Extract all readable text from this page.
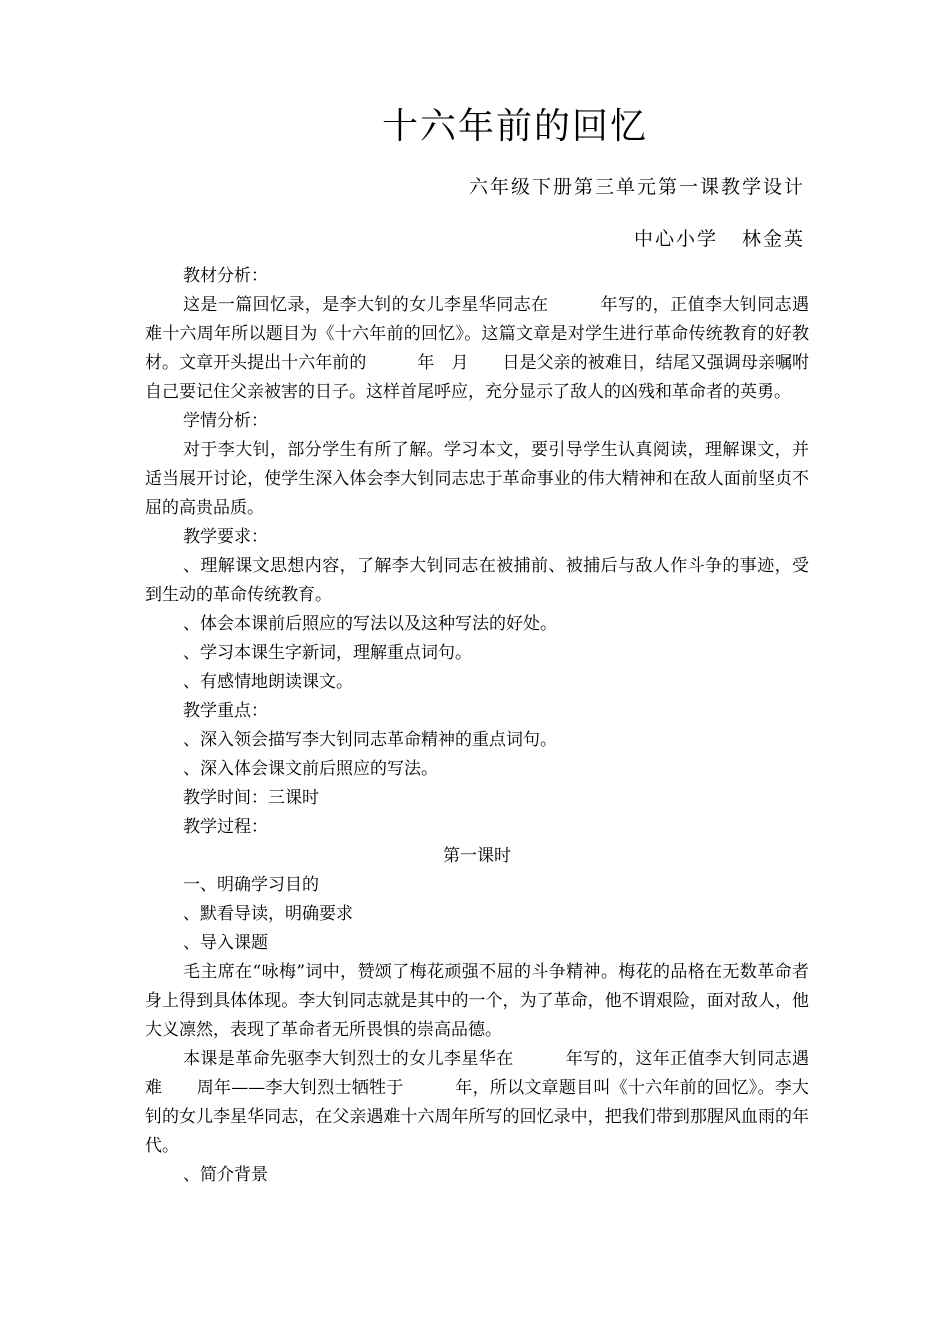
十六年前的回忆
六年级下册第三单元第一课教学设计
中心小学 林金英

教材分析：

这是一篇回忆录，是李大钊的女儿李星华同志在　　　年写的，正值李大钊同志遇难十六周年所以题目为《十六年前的回忆》。这篇文章是对学生进行革命传统教育的好教材。文章开头提出十六年前的　　　年　月　　日是父亲的被难日，结尾又强调母亲嘱咐自己要记住父亲被害的日子。这样首尾呼应，充分显示了敌人的凶残和革命者的英勇。

学情分析：

对于李大钊，部分学生有所了解。学习本文，要引导学生认真阅读，理解课文，并适当展开讨论，使学生深入体会李大钊同志忠于革命事业的伟大精神和在敌人面前坚贞不屈的高贵品质。

教学要求：

、理解课文思想内容，了解李大钊同志在被捕前、被捕后与敌人作斗争的事迹，受到生动的革命传统教育。

、体会本课前后照应的写法以及这种写法的好处。

、学习本课生字新词，理解重点词句。

、有感情地朗读课文。

教学重点：

、深入领会描写李大钊同志革命精神的重点词句。

、深入体会课文前后照应的写法。

教学时间：三课时

教学过程：

第一课时

一、明确学习目的

、默看导读，明确要求

、导入课题

毛主席在“咏梅”词中，赞颂了梅花顽强不屈的斗争精神。梅花的品格在无数革命者身上得到具体体现。李大钊同志就是其中的一个，为了革命，他不谓艰险，面对敌人，他大义凛然，表现了革命者无所畏惧的崇高品德。

本课是革命先驱李大钊烈士的女儿李星华在　　　年写的，这年正值李大钊同志遇难　　周年——李大钊烈士牺牲于　　　年，所以文章题目叫《十六年前的回忆》。李大钊的女儿李星华同志，在父亲遇难十六周年所写的回忆录中，把我们带到那腥风血雨的年代。

、简介背景
